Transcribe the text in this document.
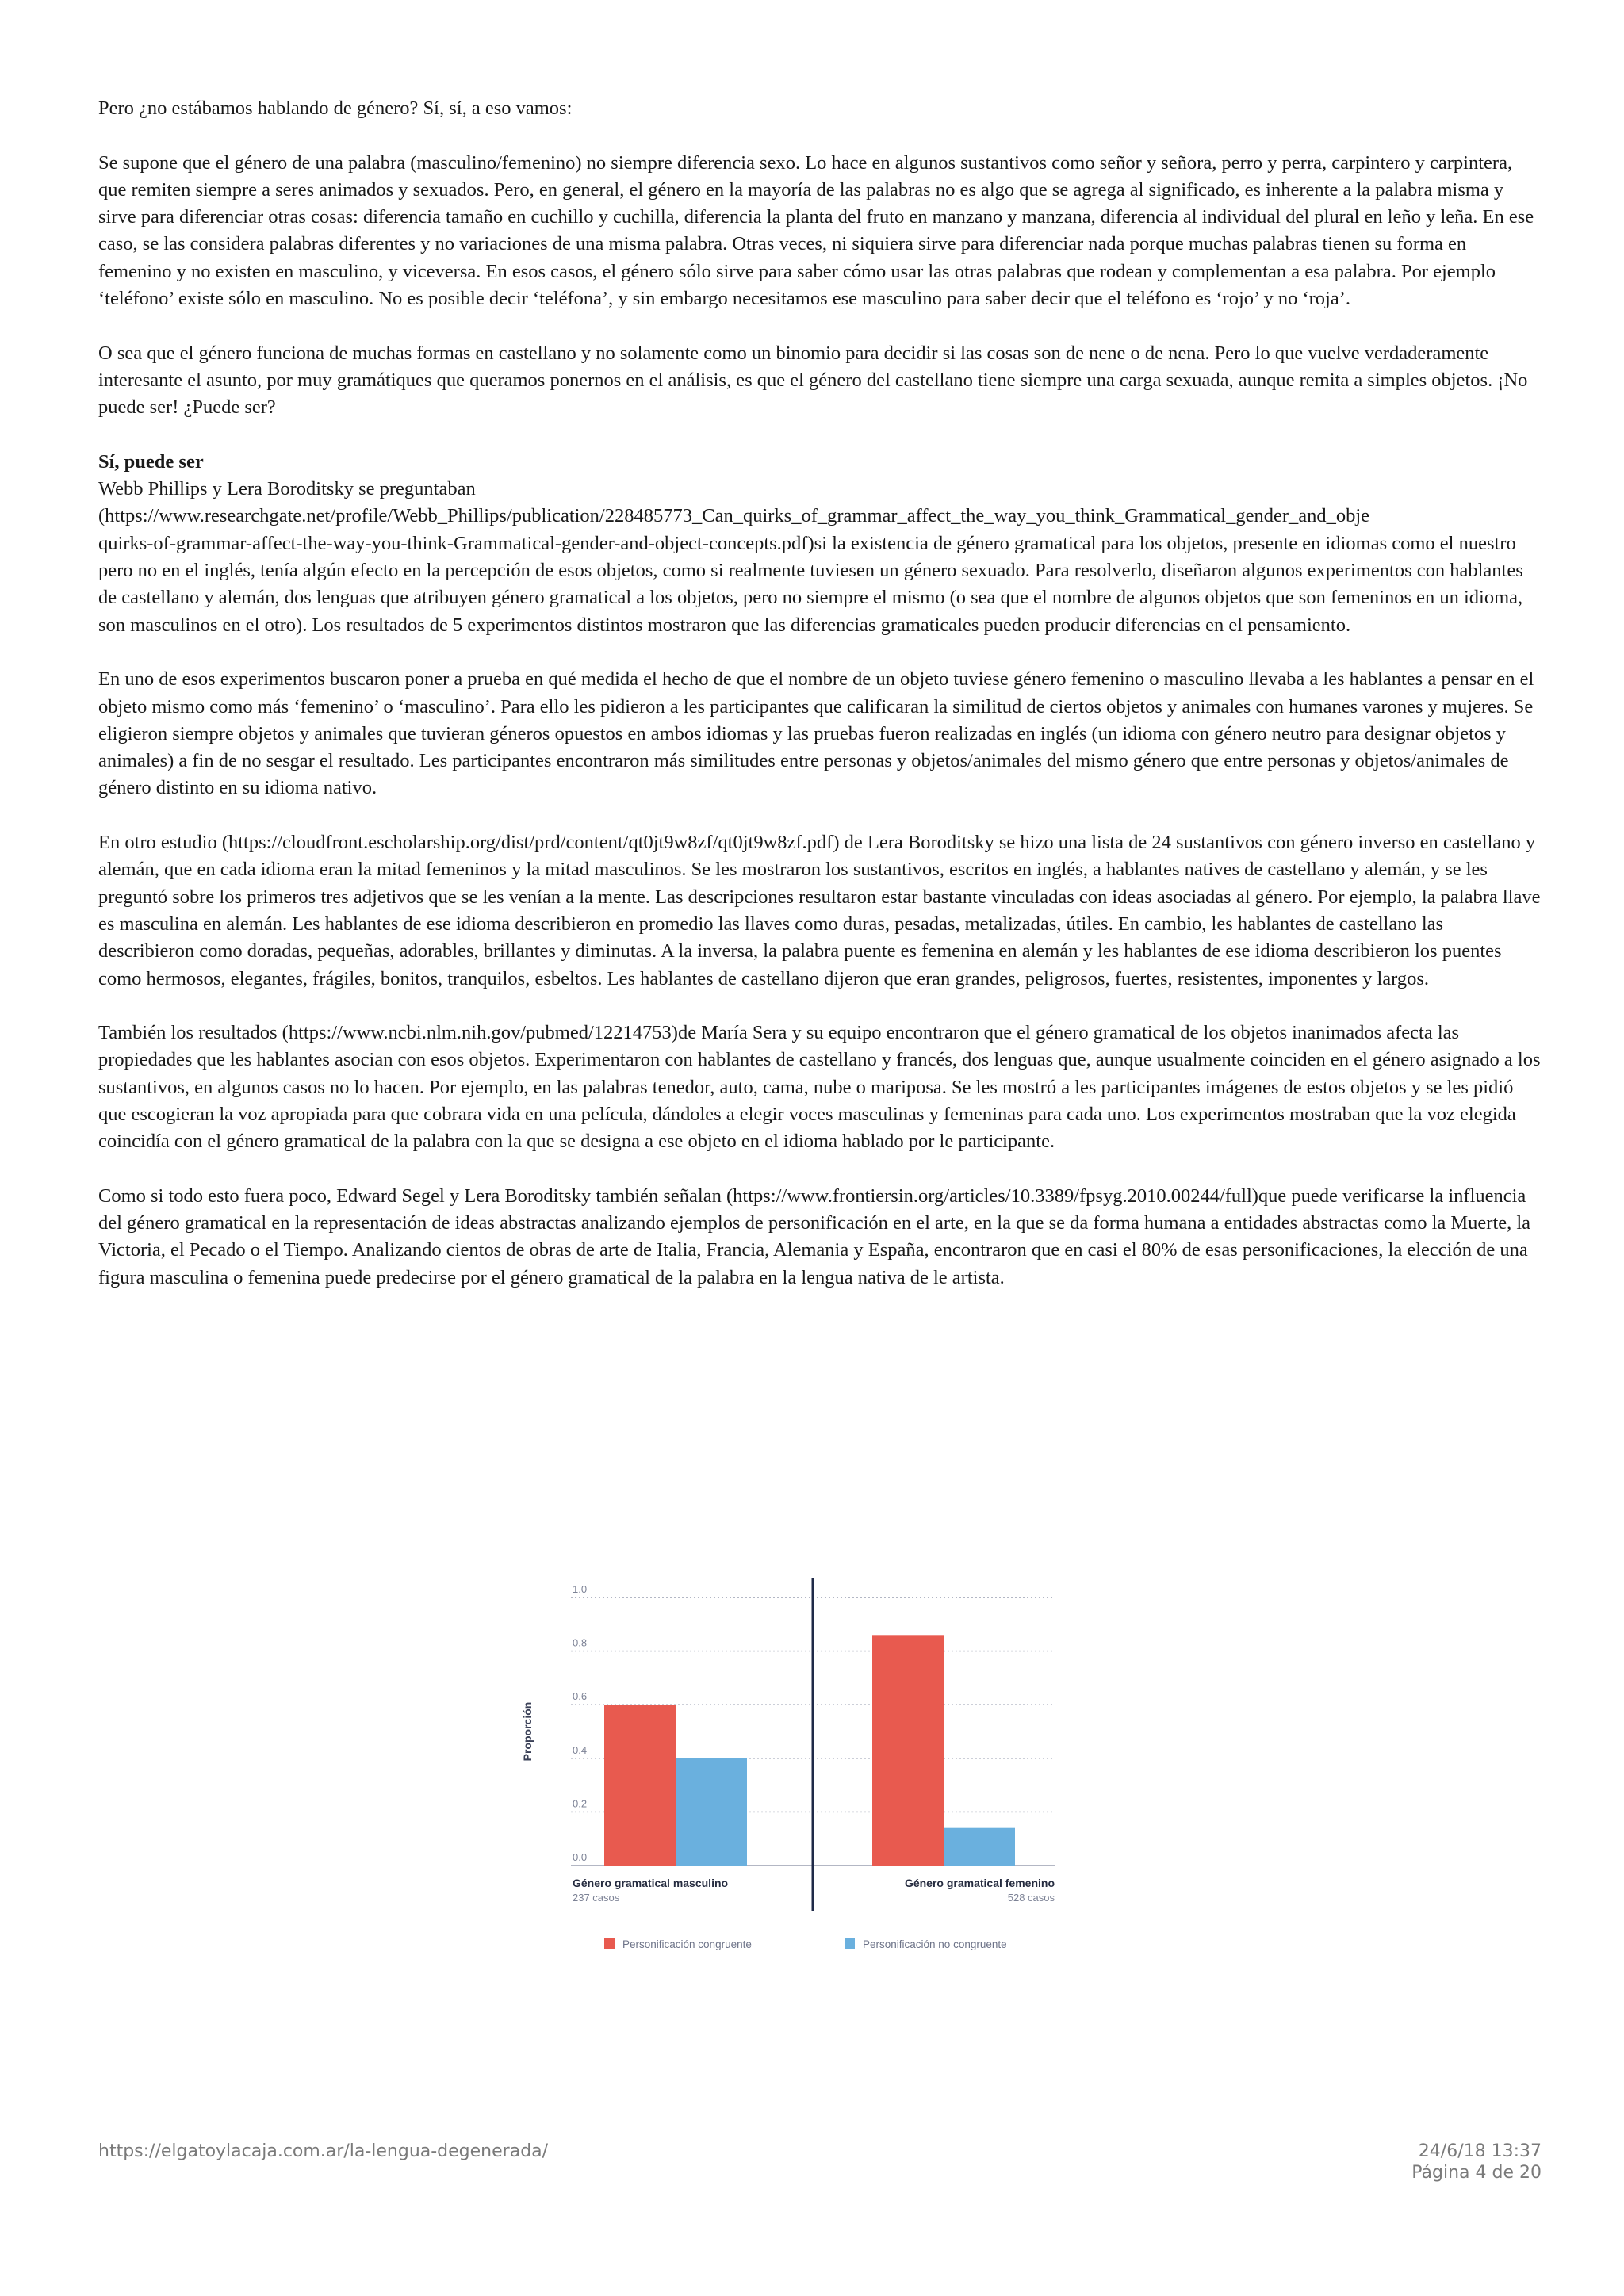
Pero ¿no estábamos hablando de género? Sí, sí, a eso vamos:

Se supone que el género de una palabra (masculino/femenino) no siempre diferencia sexo. Lo hace en algunos sustantivos como señor y señora, perro y perra, carpintero y carpintera, que remiten siempre a seres animados y sexuados. Pero, en general, el género en la mayoría de las palabras no es algo que se agrega al significado, es inherente a la palabra misma y sirve para diferenciar otras cosas: diferencia tamaño en cuchillo y cuchilla, diferencia la planta del fruto en manzano y manzana, diferencia al individual del plural en leño y leña. En ese caso, se las considera palabras diferentes y no variaciones de una misma palabra. Otras veces, ni siquiera sirve para diferenciar nada porque muchas palabras tienen su forma en femenino y no existen en masculino, y viceversa. En esos casos, el género sólo sirve para saber cómo usar las otras palabras que rodean y complementan a esa palabra. Por ejemplo ‘teléfono’ existe sólo en masculino. No es posible decir ‘teléfona’, y sin embargo necesitamos ese masculino para saber decir que el teléfono es ‘rojo’ y no ‘roja’.

O sea que el género funciona de muchas formas en castellano y no solamente como un binomio para decidir si las cosas son de nene o de nena. Pero lo que vuelve verdaderamente interesante el asunto, por muy gramátiques que queramos ponernos en el análisis, es que el género del castellano tiene siempre una carga sexuada, aunque remita a simples objetos. ¡No puede ser! ¿Puede ser?

Sí, puede ser
Webb Phillips y Lera Boroditsky se preguntaban
(https://www.researchgate.net/profile/Webb_Phillips/publication/228485773_Can_quirks_of_grammar_affect_the_way_you_think_Grammatical_gender_and_obje

quirks-of-grammar-affect-the-way-you-think-Grammatical-gender-and-object-concepts.pdf)si la existencia de género gramatical para los objetos, presente en idiomas como el nuestro pero no en el inglés, tenía algún efecto en la percepción de esos objetos, como si realmente tuviesen un género sexuado. Para resolverlo, diseñaron algunos experimentos con hablantes de castellano y alemán, dos lenguas que atribuyen género gramatical a los objetos, pero no siempre el mismo (o sea que el nombre de algunos objetos que son femeninos en un idioma, son masculinos en el otro). Los resultados de 5 experimentos distintos mostraron que las diferencias gramaticales pueden producir diferencias en el pensamiento.

En uno de esos experimentos buscaron poner a prueba en qué medida el hecho de que el nombre de un objeto tuviese género femenino o masculino llevaba a les hablantes a pensar en el objeto mismo como más ‘femenino’ o ‘masculino’. Para ello les pidieron a les participantes que calificaran la similitud de ciertos objetos y animales con humanes varones y mujeres. Se eligieron siempre objetos y animales que tuvieran géneros opuestos en ambos idiomas y las pruebas fueron realizadas en inglés (un idioma con género neutro para designar objetos y animales) a fin de no sesgar el resultado. Les participantes encontraron más similitudes entre personas y objetos/animales del mismo género que entre personas y objetos/animales de género distinto en su idioma nativo.

En otro estudio (https://cloudfront.escholarship.org/dist/prd/content/qt0jt9w8zf/qt0jt9w8zf.pdf) de Lera Boroditsky se hizo una lista de 24 sustantivos con género inverso en castellano y alemán, que en cada idioma eran la mitad femeninos y la mitad masculinos. Se les mostraron los sustantivos, escritos en inglés, a hablantes natives de castellano y alemán, y se les preguntó sobre los primeros tres adjetivos que se les venían a la mente. Las descripciones resultaron estar bastante vinculadas con ideas asociadas al género. Por ejemplo, la palabra llave es masculina en alemán. Les hablantes de ese idioma describieron en promedio las llaves como duras, pesadas, metalizadas, útiles. En cambio, les hablantes de castellano las describieron como doradas, pequeñas, adorables, brillantes y diminutas. A la inversa, la palabra puente es femenina en alemán y les hablantes de ese idioma describieron los puentes como hermosos, elegantes, frágiles, bonitos, tranquilos, esbeltos. Les hablantes de castellano dijeron que eran grandes, peligrosos, fuertes, resistentes, imponentes y largos.

También los resultados (https://www.ncbi.nlm.nih.gov/pubmed/12214753)de María Sera y su equipo encontraron que el género gramatical de los objetos inanimados afecta las propiedades que les hablantes asocian con esos objetos. Experimentaron con hablantes de castellano y francés, dos lenguas que, aunque usualmente coinciden en el género asignado a los sustantivos, en algunos casos no lo hacen. Por ejemplo, en las palabras tenedor, auto, cama, nube o mariposa. Se les mostró a les participantes imágenes de estos objetos y se les pidió que escogieran la voz apropiada para que cobrara vida en una película, dándoles a elegir voces masculinas y femeninas para cada uno. Los experimentos mostraban que la voz elegida coincidía con el género gramatical de la palabra con la que se designa a ese objeto en el idioma hablado por le participante.

Como si todo esto fuera poco, Edward Segel y Lera Boroditsky también señalan (https://www.frontiersin.org/articles/10.3389/fpsyg.2010.00244/full)que puede verificarse la influencia del género gramatical en la representación de ideas abstractas analizando ejemplos de personificación en el arte, en la que se da forma humana a entidades abstractas como la Muerte, la Victoria, el Pecado o el Tiempo. Analizando cientos de obras de arte de Italia, Francia, Alemania y España, encontraron que en casi el 80% de esas personificaciones, la elección de una figura masculina o femenina puede predecirse por el género gramatical de la palabra en la lengua nativa de le artista.

0.0
0.2
0.4
0.6
0.8
1.0
Proporción
Género gramatical masculino
237 casos
Género gramatical femenino
528 casos
Personificación congruente	Personificación no congruente
https://elgatoylacaja.com.ar/la-lengua-degenerada/	24/6/18 13:37
Página 4 de 20
